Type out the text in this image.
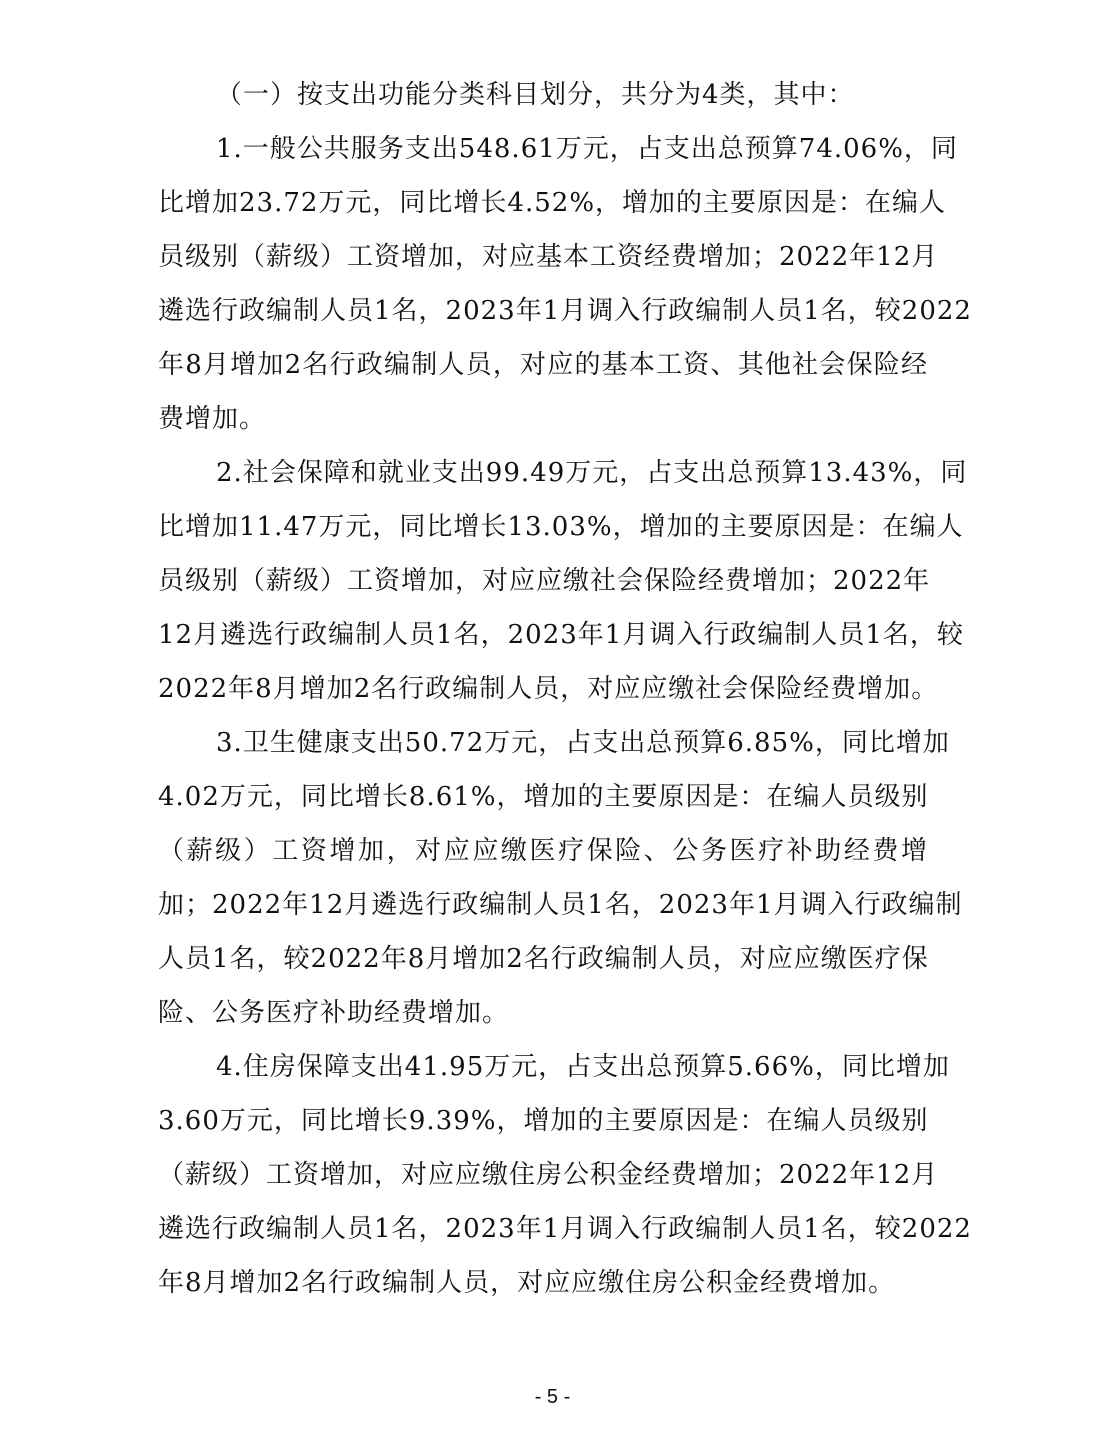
（一）按支出功能分类科目划分，共分为4类，其中：
1.一般公共服务支出548.61万元，占支出总预算74.06%，同
比增加23.72万元，同比增长4.52%，增加的主要原因是：在编人
员级别（薪级）工资增加，对应基本工资经费增加；2022年12月
遴选行政编制人员1名，2023年1月调入行政编制人员1名，较2022
年8月增加2名行政编制人员，对应的基本工资、其他社会保险经
费增加。
2.社会保障和就业支出99.49万元，占支出总预算13.43%，同
比增加11.47万元，同比增长13.03%，增加的主要原因是：在编人
员级别（薪级）工资增加，对应应缴社会保险经费增加；2022年
12月遴选行政编制人员1名，2023年1月调入行政编制人员1名，较
2022年8月增加2名行政编制人员，对应应缴社会保险经费增加。
3.卫生健康支出50.72万元，占支出总预算6.85%，同比增加
4.02万元，同比增长8.61%，增加的主要原因是：在编人员级别
（薪级）工资增加，对应应缴医疗保险、公务医疗补助经费增
加；2022年12月遴选行政编制人员1名，2023年1月调入行政编制
人员1名，较2022年8月增加2名行政编制人员，对应应缴医疗保
险、公务医疗补助经费增加。
4.住房保障支出41.95万元，占支出总预算5.66%，同比增加
3.60万元，同比增长9.39%，增加的主要原因是：在编人员级别
（薪级）工资增加，对应应缴住房公积金经费增加；2022年12月
遴选行政编制人员1名，2023年1月调入行政编制人员1名，较2022
年8月增加2名行政编制人员，对应应缴住房公积金经费增加。
- 5 -
